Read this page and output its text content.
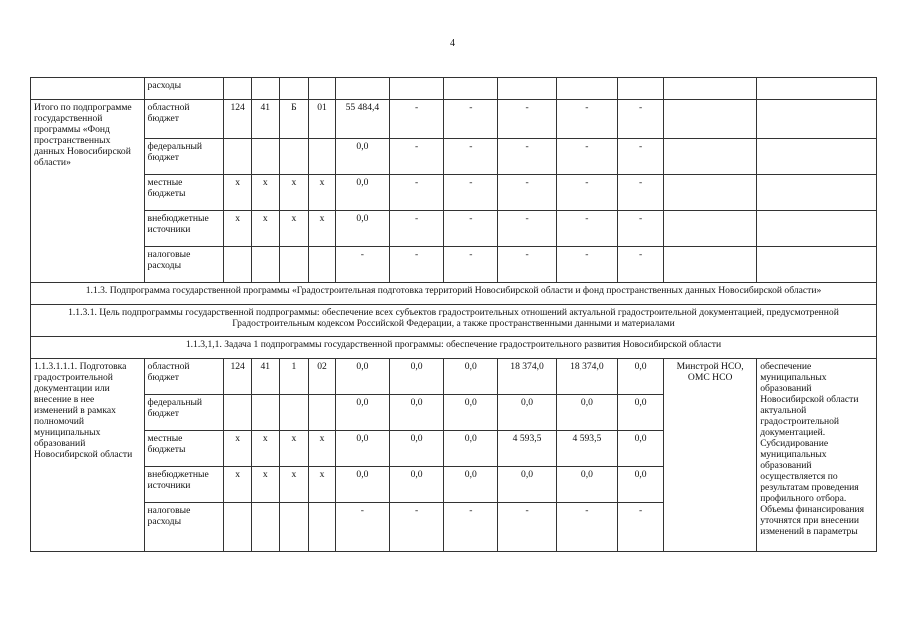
4
	расходы												
Итого по подпрограмме государственной программы «Фонд пространственных данных Новосибирской области»	областной бюджет	124	41	Б	01	55 484,4	-	-	-	-	-		
	федеральный бюджет					0,0	-	-	-	-	-		
	местные бюджеты	х	х	х	х	0,0	-	-	-	-	-		
	внебюджетные источники	х	х	х	х	0,0	-	-	-	-	-		
	налоговые расходы					-	-	-	-	-	-		
1.1.3. Подпрограмма государственной программы «Градостроительная подготовка территорий Новосибирской области и фонд пространственных данных Новосибирской области»													
1.1.3.1. Цель подпрограммы государственной подпрограммы: обеспечение всех субъектов градостроительных отношений актуальной градостроительной документацией, предусмотренной Градостроительным кодексом Российской Федерации, а также пространственными данными и материалами													
1.1.3,1,1. Задача 1 подпрограммы государственной программы: обеспечение градостроительного развития Новосибирской области													
1.1.3.1.1.1. Подготовка градостроительной документации или внесение в нее изменений в рамках полномочий муниципальных образований Новосибирской области	областной бюджет	124	41	1	02	0,0	0,0	0,0	18 374,0	18 374,0	0,0	Минстрой НСО, ОМС НСО	обеспечение муниципальных образований Новосибирской области актуальной градостроительной документацией. Субсидирование муниципальных образований осуществляется по результатам проведения профильного отбора. Объемы финансирования уточнятся при внесении изменений в параметры
	федеральный бюджет					0,0	0,0	0,0	0,0	0,0	0,0		
	местные бюджеты	х	х	х	х	0,0	0,0	0,0	4 593,5	4 593,5	0,0		
	внебюджетные источники	х	х	х	х	0,0	0,0	0,0	0,0	0,0	0,0		
	налоговые расходы					-	-	-	-	-	-		
